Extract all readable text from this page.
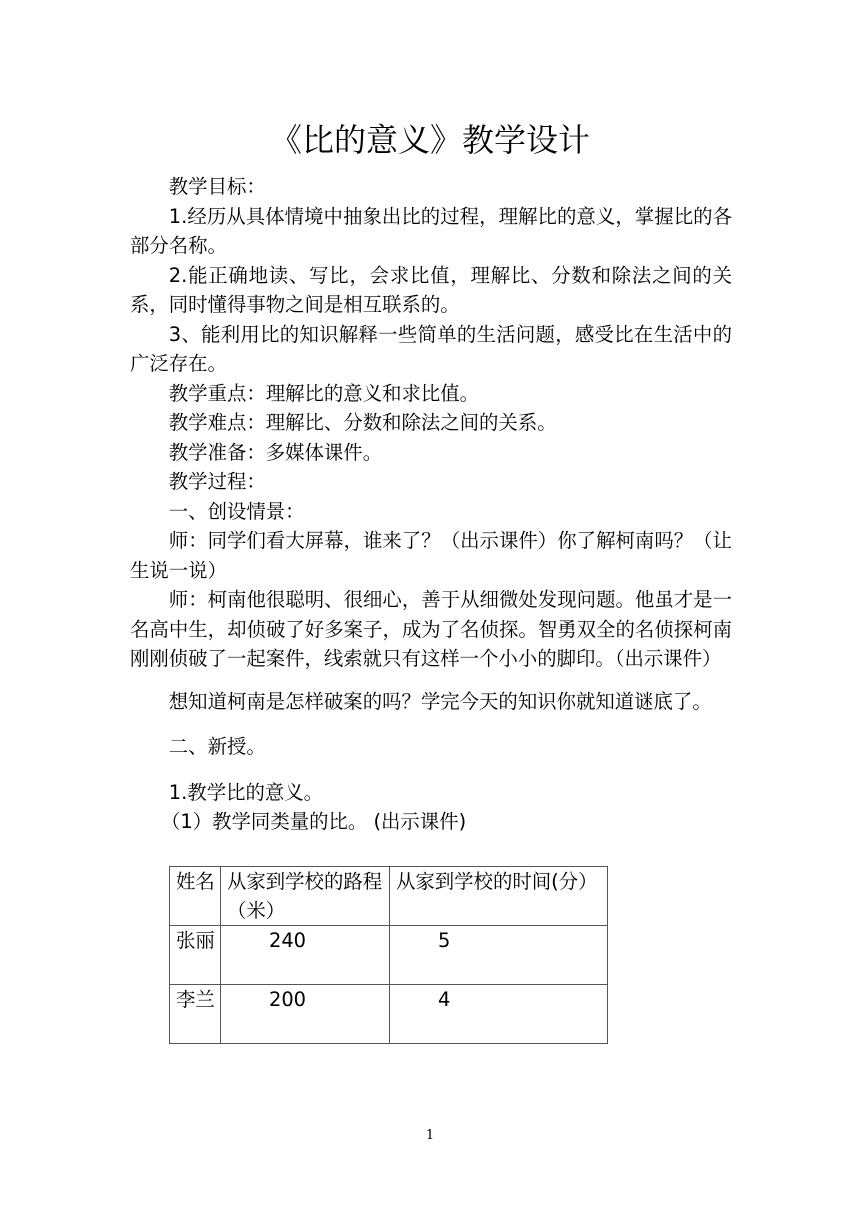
《比的意义》教学设计

教学目标：

1.经历从具体情境中抽象出比的过程，理解比的意义，掌握比的各部分名称。

2.能正确地读、写比，会求比值，理解比、分数和除法之间的关系，同时懂得事物之间是相互联系的。

3、能利用比的知识解释一些简单的生活问题，感受比在生活中的广泛存在。

教学重点：理解比的意义和求比值。

教学难点：理解比、分数和除法之间的关系。

教学准备：多媒体课件。

教学过程：

一、创设情景：

师：同学们看大屏幕，谁来了？（出示课件）你了解柯南吗？（让生说一说）

师：柯南他很聪明、很细心，善于从细微处发现问题。他虽才是一名高中生，却侦破了好多案子，成为了名侦探。智勇双全的名侦探柯南刚刚侦破了一起案件，线索就只有这样一个小小的脚印。（出示课件）

想知道柯南是怎样破案的吗？学完今天的知识你就知道谜底了。

二、新授。

1.教学比的意义。

（1）教学同类量的比。 (出示课件)

姓名	从家到学校的路程（米）	从家到学校的时间(分）
张丽	240	5
李兰	200	4
1
